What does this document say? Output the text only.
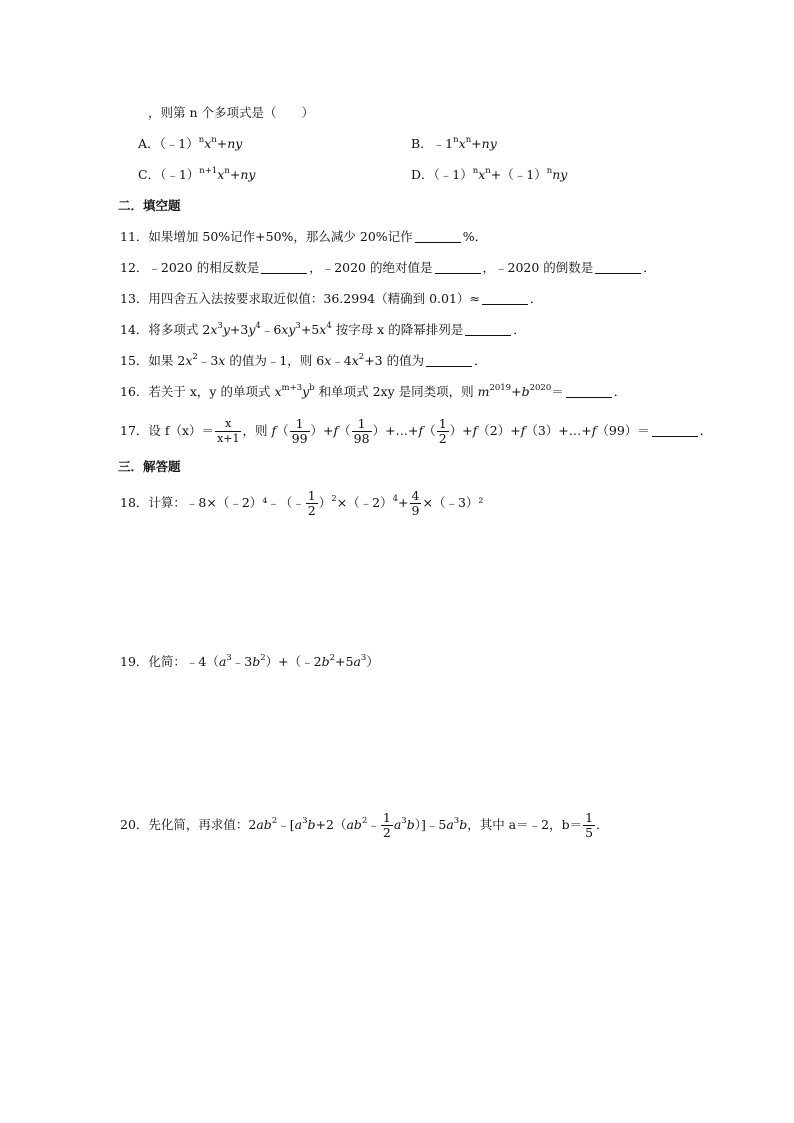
，则第 n 个多项式是（　　）
A．$(﹣1)^nx^n+ny$	B．$﹣1^nx^n+ny$
C．$(﹣1)^{n+1}x^n+ny$	D．$(﹣1)^nx^n+(﹣1)^nny$
二．填空题
11．如果增加 50%记作+50%，那么减少 20%记作	%．
12．﹣2020 的相反数是	，﹣2020 的绝对值是	，﹣2020 的倒数是	．
13．用四舍五入法按要求取近似值：36.2994（精确到 0.01）≈	．
14．将多项式 $2x^3y+3y^4﹣6xy^3+5x^4$ 按字母 x 的降幂排列是	．
15．如果 $2x^2﹣3x$ 的值为﹣1，则 $6x﹣4x^2+3$ 的值为	．
16．若关于 x，y 的单项式 $x^{m+3}y^b$ 和单项式 2xy 是同类项，则 $m^{2019}+b^{2020}=$	．
17．设 $f(x)= \frac{x}{x+1}$ ，则 $f( \frac{1}{99} )+f( \frac{1}{98}$ ）+…+f（ $\frac{1}{2}$ ）+f（2）+f（3）+…+f（99）＝	．
三．解答题
18．计算：﹣8×（﹣2）⁴﹣（﹣ $\frac{1}{2}$ ）$^2$×（﹣2）$^4$+ $\frac{4}{9}$ ×（﹣3）²
19．化简：$﹣4(a^3﹣3b^2)+(﹣2b^2+5a^3)$
20．先化简，再求值：$2ab^2﹣[a^3b+2(ab^2﹣ \frac{1}{2}$ $a^3b)]﹣5a^3b$，其中 a＝﹣2，$b= \frac{1}{5}$ ．
